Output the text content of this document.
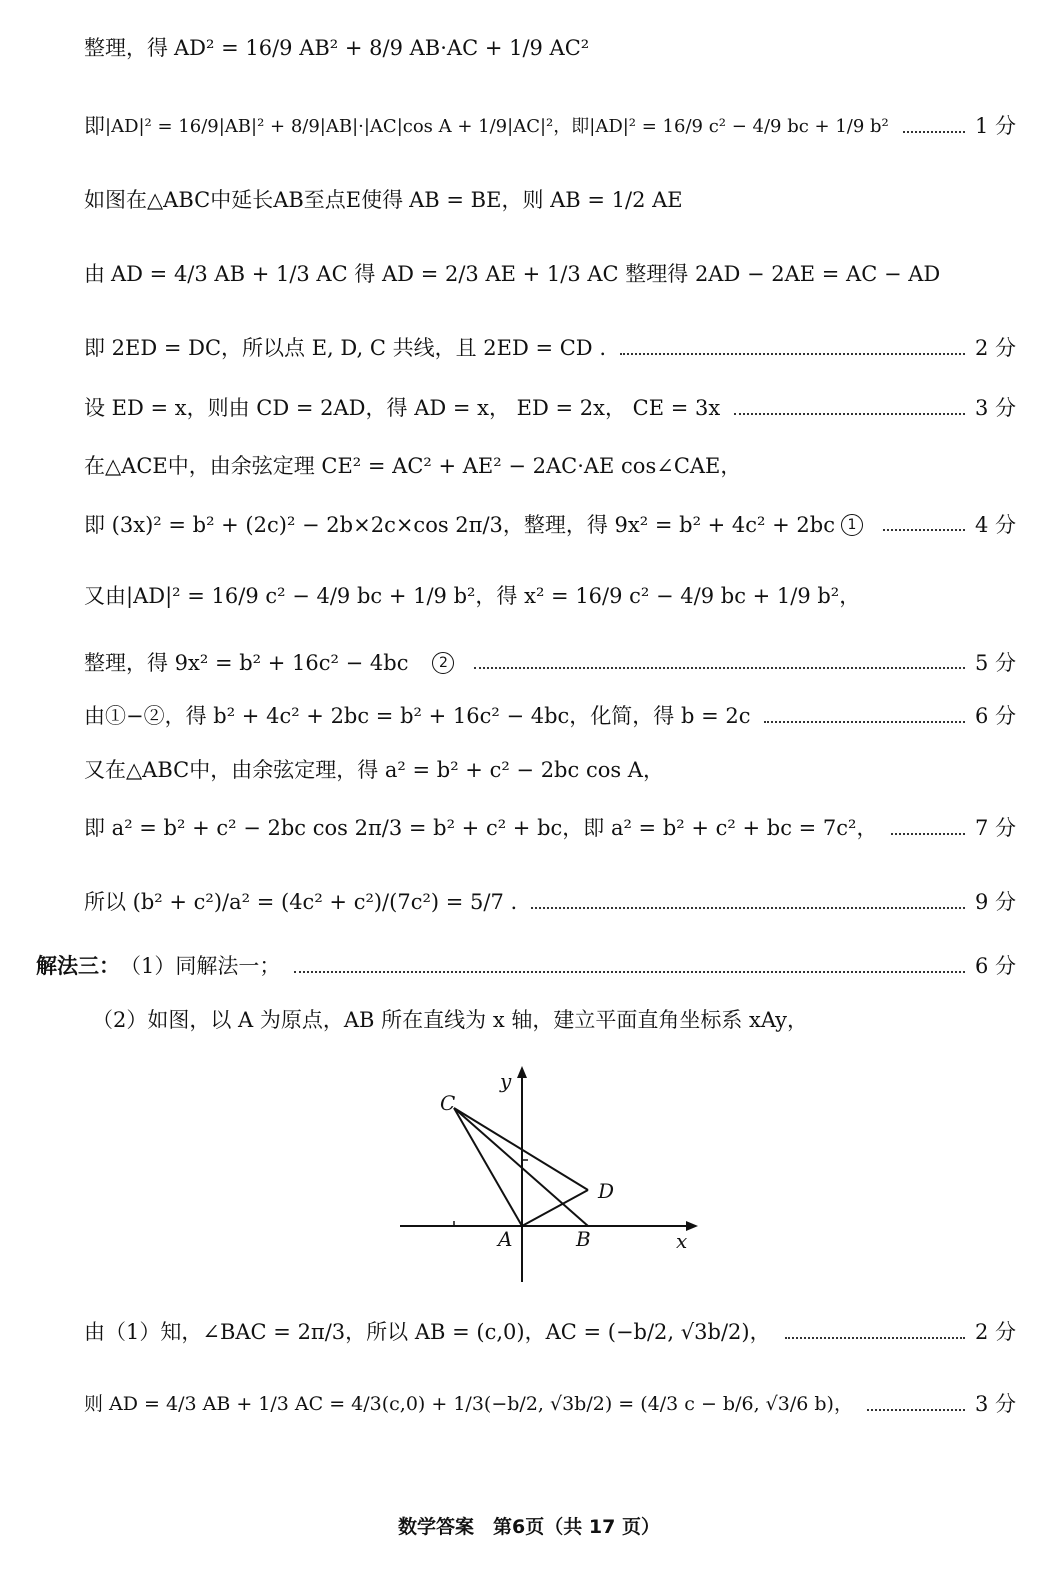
整理，得 AD² = 16/9 AB² + 8/9 AB·AC + 1/9 AC²
即 |AD|² = 16/9|AB|² + 8/9|AB|·|AC|cos A + 1/9|AC|²，即|AD|² = 16/9 c² − 4/9 bc + 1/9 b²	1 分
如图在△ABC中延长AB至点E使得 AB = BE，则 AB = 1/2 AE
由 AD = 4/3 AB + 1/3 AC 得 AD = 2/3 AE + 1/3 AC 整理得 2AD − 2AE = AC − AD
即 2ED = DC，所以点 E, D, C 共线，且 2ED = CD .	2 分
设 ED = x，则由 CD = 2AD，得 AD = x， ED = 2x， CE = 3x	3 分
在△ACE中，由余弦定理 CE² = AC² + AE² − 2AC·AE cos∠CAE，
即 (3x)² = b² + (2c)² − 2b×2c×cos 2π/3，整理，得 9x² = b² + 4c² + 2bc 1	4 分
又由|AD|² = 16/9 c² − 4/9 bc + 1/9 b²，得 x² = 16/9 c² − 4/9 bc + 1/9 b²，
整理，得 9x² = b² + 16c² − 4bc	2	5 分
由①−②，得 b² + 4c² + 2bc = b² + 16c² − 4bc，化简，得 b = 2c	6 分
又在△ABC中，由余弦定理，得 a² = b² + c² − 2bc cos A，
即 a² = b² + c² − 2bc cos 2π/3 = b² + c² + bc，即 a² = b² + c² + bc = 7c²，	7 分
所以 (b² + c²)/a² = (4c² + c²)/(7c²) = 5/7 .	9 分
解法三： （1）同解法一；	6 分
（2）如图，以 A 为原点，AB 所在直线为 x 轴，建立平面直角坐标系 xAy，
C
D
A	B	x
y
由（1）知，∠BAC = 2π/3，所以 AB = (c,0)，AC = (−b/2, √3b/2)，	2 分
则 AD = 4/3 AB + 1/3 AC = 4/3(c,0) + 1/3(−b/2, √3b/2) = (4/3 c − b/6, √3/6 b)，	3 分
数学答案　第6页（共 17 页）
